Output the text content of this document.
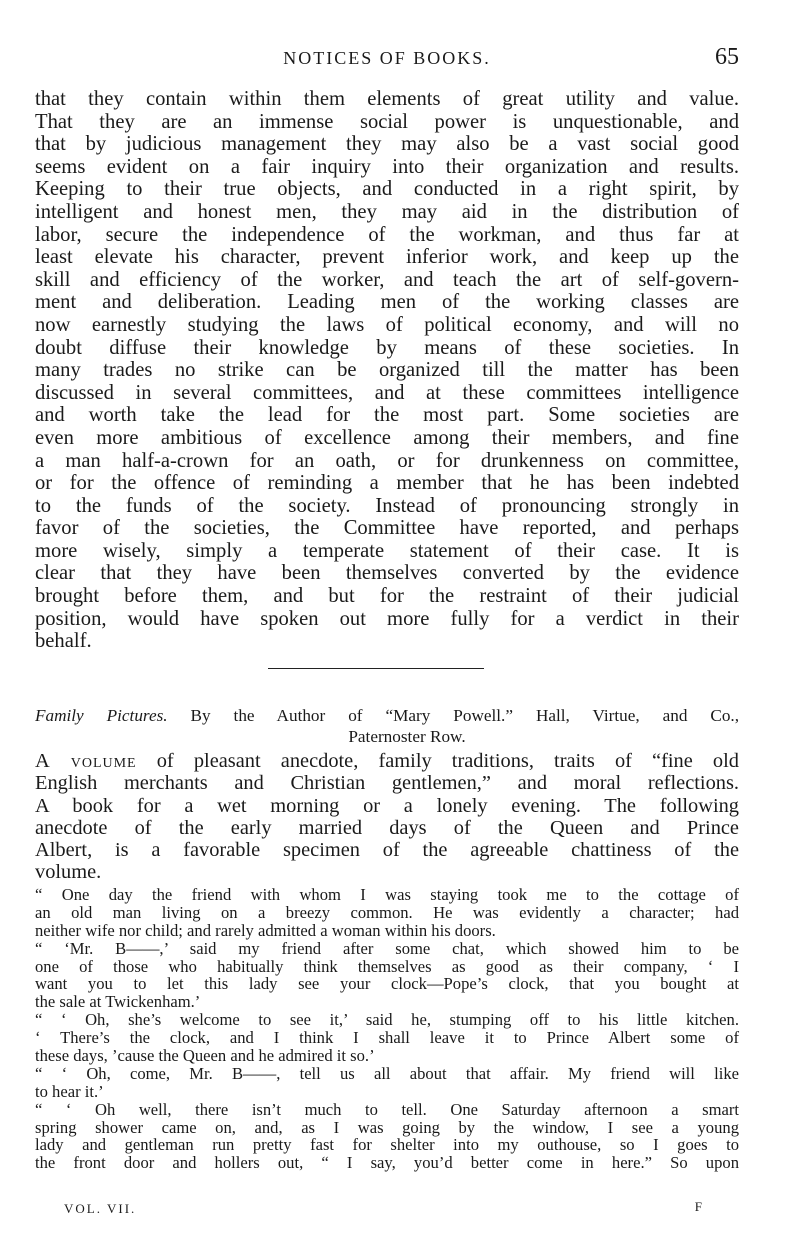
NOTICES OF BOOKS.	65
that they contain within them elements of great utility and value.
That they are an immense social power is unquestionable, and
that by judicious management they may also be a vast social good
seems evident on a fair inquiry into their organization and results.
Keeping to their true objects, and conducted in a right spirit, by
intelligent and honest men, they may aid in the distribution of
labor, secure the independence of the workman, and thus far at
least elevate his character, prevent inferior work, and keep up the
skill and efficiency of the worker, and teach the art of self-govern-
ment and deliberation. Leading men of the working classes are
now earnestly studying the laws of political economy, and will no
doubt diffuse their knowledge by means of these societies. In
many trades no strike can be organized till the matter has been
discussed in several committees, and at these committees intelligence
and worth take the lead for the most part. Some societies are
even more ambitious of excellence among their members, and fine
a man half-a-crown for an oath, or for drunkenness on committee,
or for the offence of reminding a member that he has been indebted
to the funds of the society. Instead of pronouncing strongly in
favor of the societies, the Committee have reported, and perhaps
more wisely, simply a temperate statement of their case. It is
clear that they have been themselves converted by the evidence
brought before them, and but for the restraint of their judicial
position, would have spoken out more fully for a verdict in their
behalf.
Family Pictures. By the Author of “Mary Powell.” Hall, Virtue, and Co.,
Paternoster Row.
A volume of pleasant anecdote, family traditions, traits of “fine old
English merchants and Christian gentlemen,” and moral reflections.
A book for a wet morning or a lonely evening. The following
anecdote of the early married days of the Queen and Prince
Albert, is a favorable specimen of the agreeable chattiness of the
volume.
“ One day the friend with whom I was staying took me to the cottage of
an old man living on a breezy common. He was evidently a character; had
neither wife nor child; and rarely admitted a woman within his doors.
“ ‘Mr. B——,’ said my friend after some chat, which showed him to be
one of those who habitually think themselves as good as their company, ‘ I
want you to let this lady see your clock—Pope’s clock, that you bought at
the sale at Twickenham.’
“ ‘ Oh, she’s welcome to see it,’ said he, stumping off to his little kitchen.
‘ There’s the clock, and I think I shall leave it to Prince Albert some of
these days, ’cause the Queen and he admired it so.’
“ ‘ Oh, come, Mr. B——, tell us all about that affair. My friend will like
to hear it.’
“ ‘ Oh well, there isn’t much to tell. One Saturday afternoon a smart
spring shower came on, and, as I was going by the window, I see a young
lady and gentleman run pretty fast for shelter into my outhouse, so I goes to
the front door and hollers out, “ I say, you’d better come in here.” So upon
VOL. VII.	F
